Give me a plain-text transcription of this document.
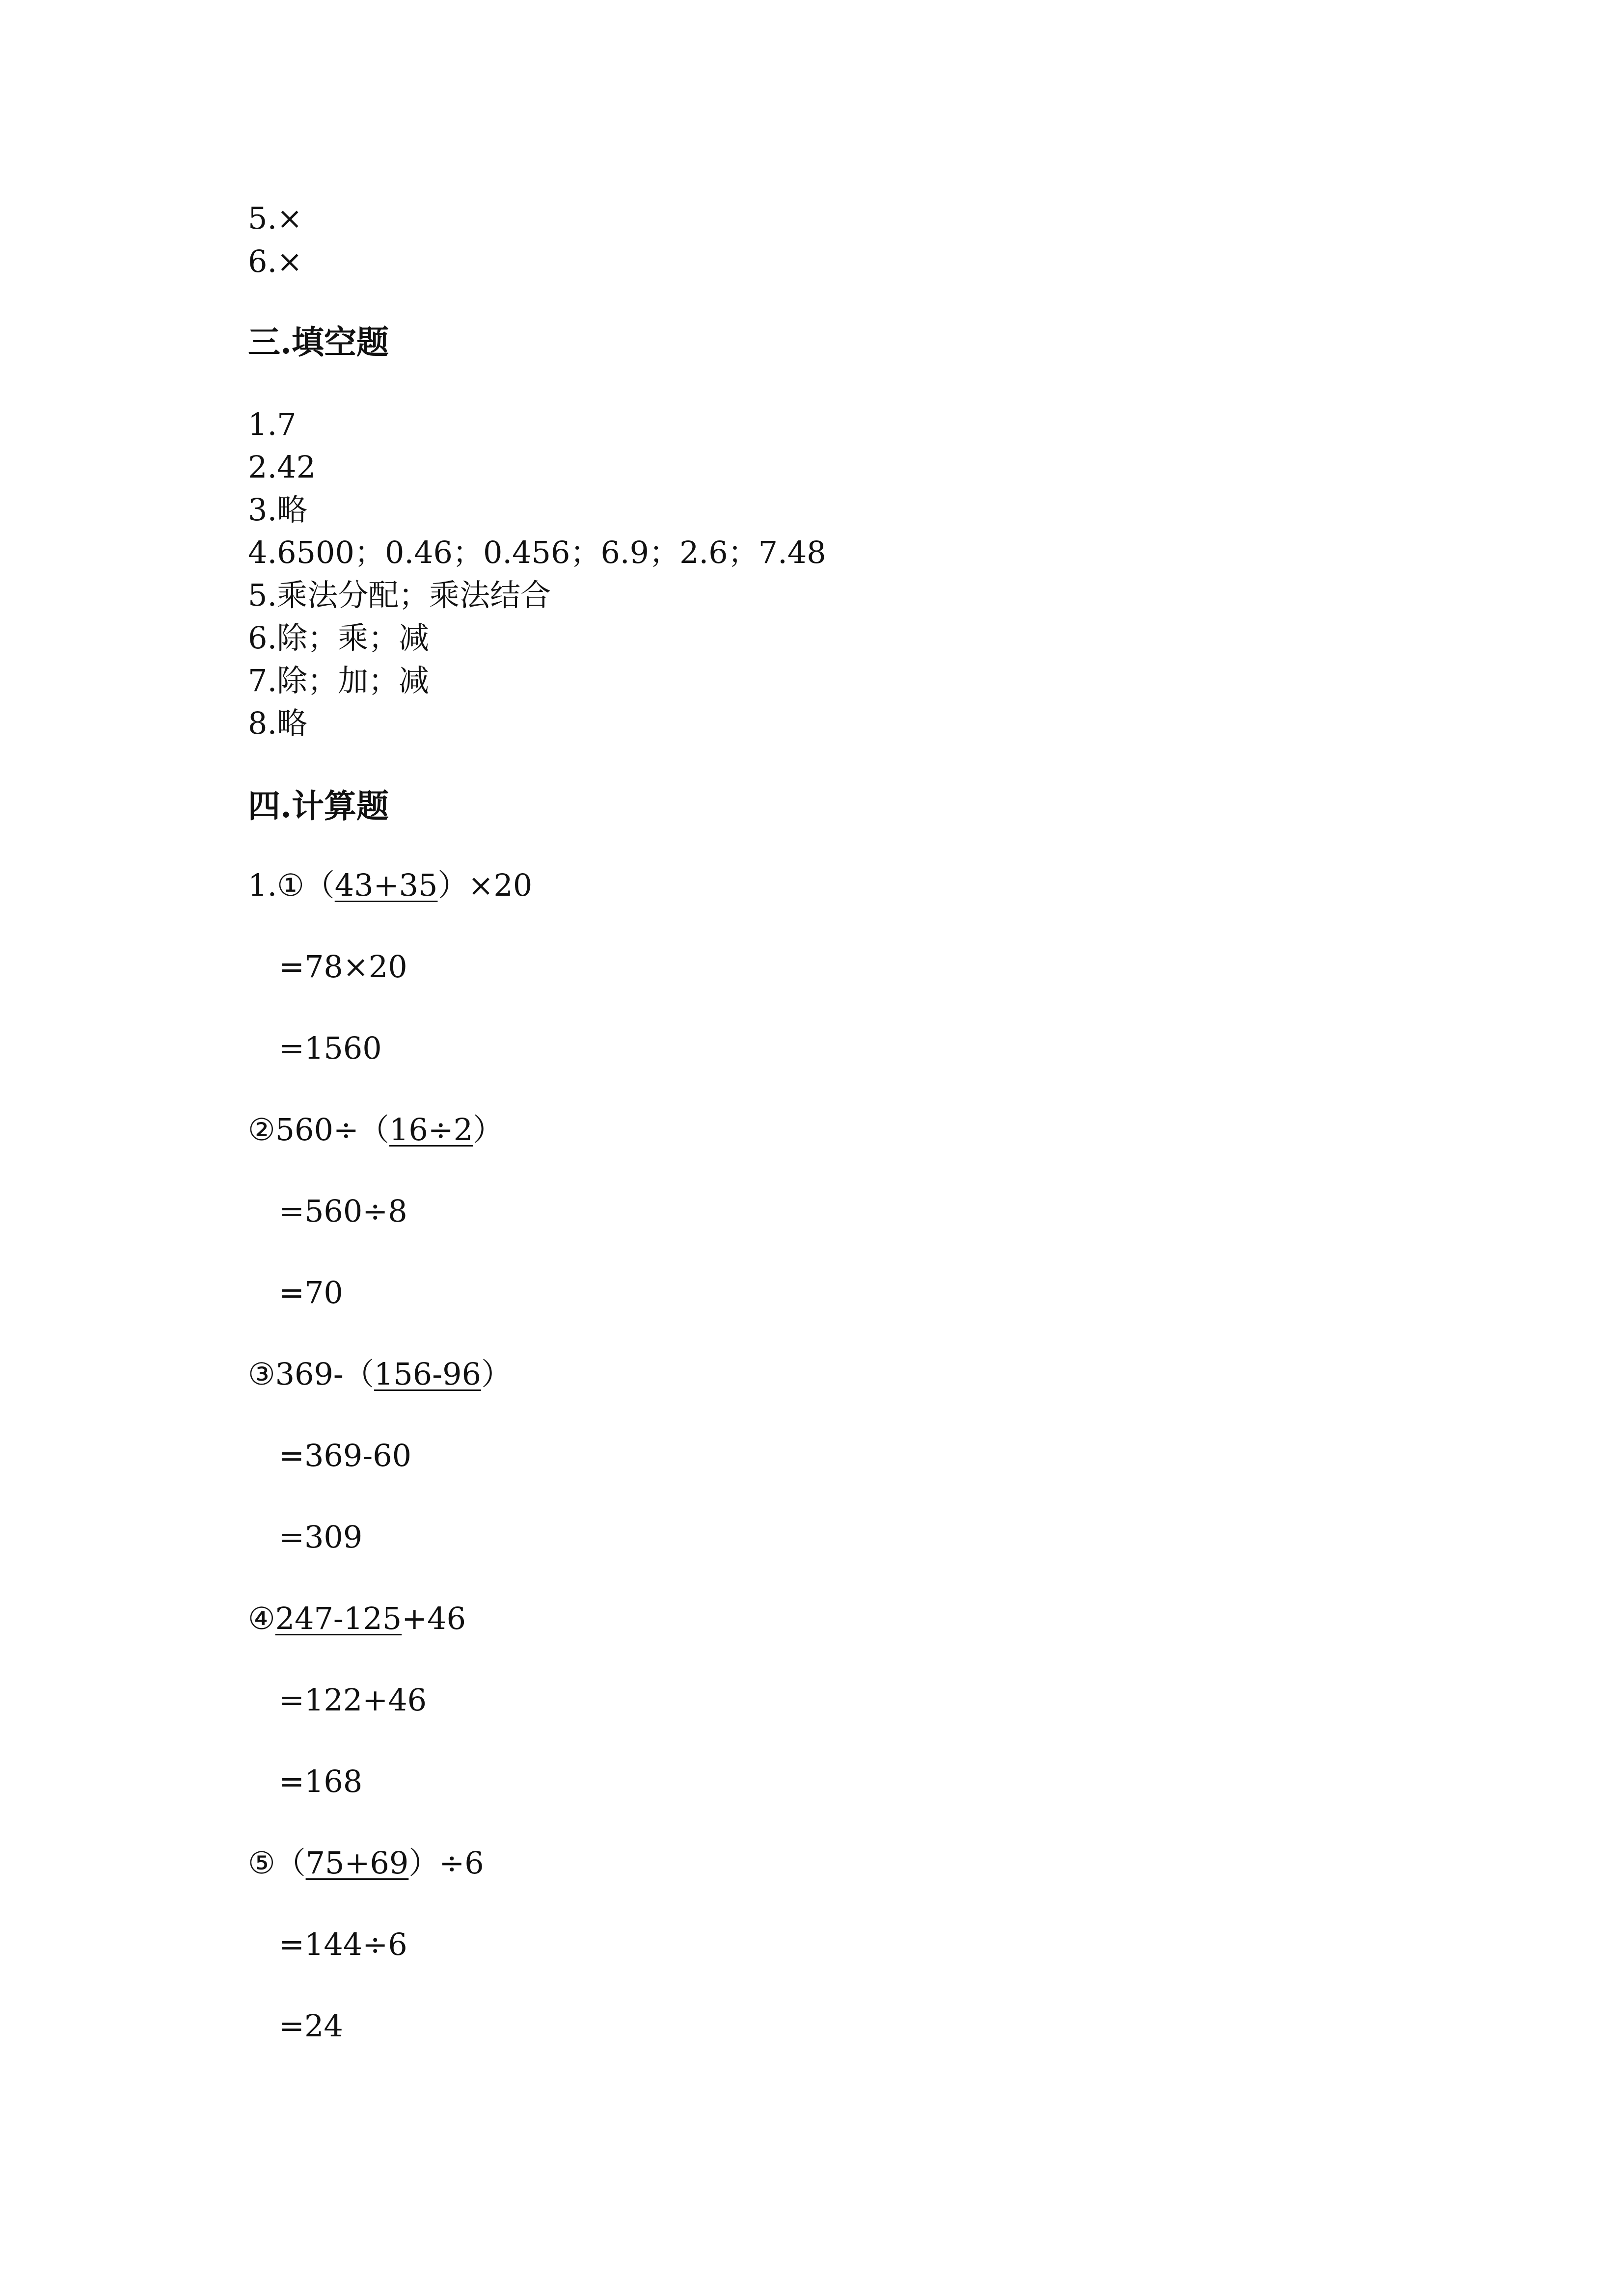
5.×
6.×
三.填空题
1.7
2.42
3.略
4.6500；0.46；0.456；6.9；2.6；7.48
5.乘法分配；乘法结合
6.除；乘；减
7.除；加；减
8.略
四.计算题
1.①（43+35）×20
=78×20
=1560
②560÷（16÷2）
=560÷8
=70
③369-（156-96）
=369-60
=309
④247-125+46
=122+46
=168
⑤（75+69）÷6
=144÷6
=24
